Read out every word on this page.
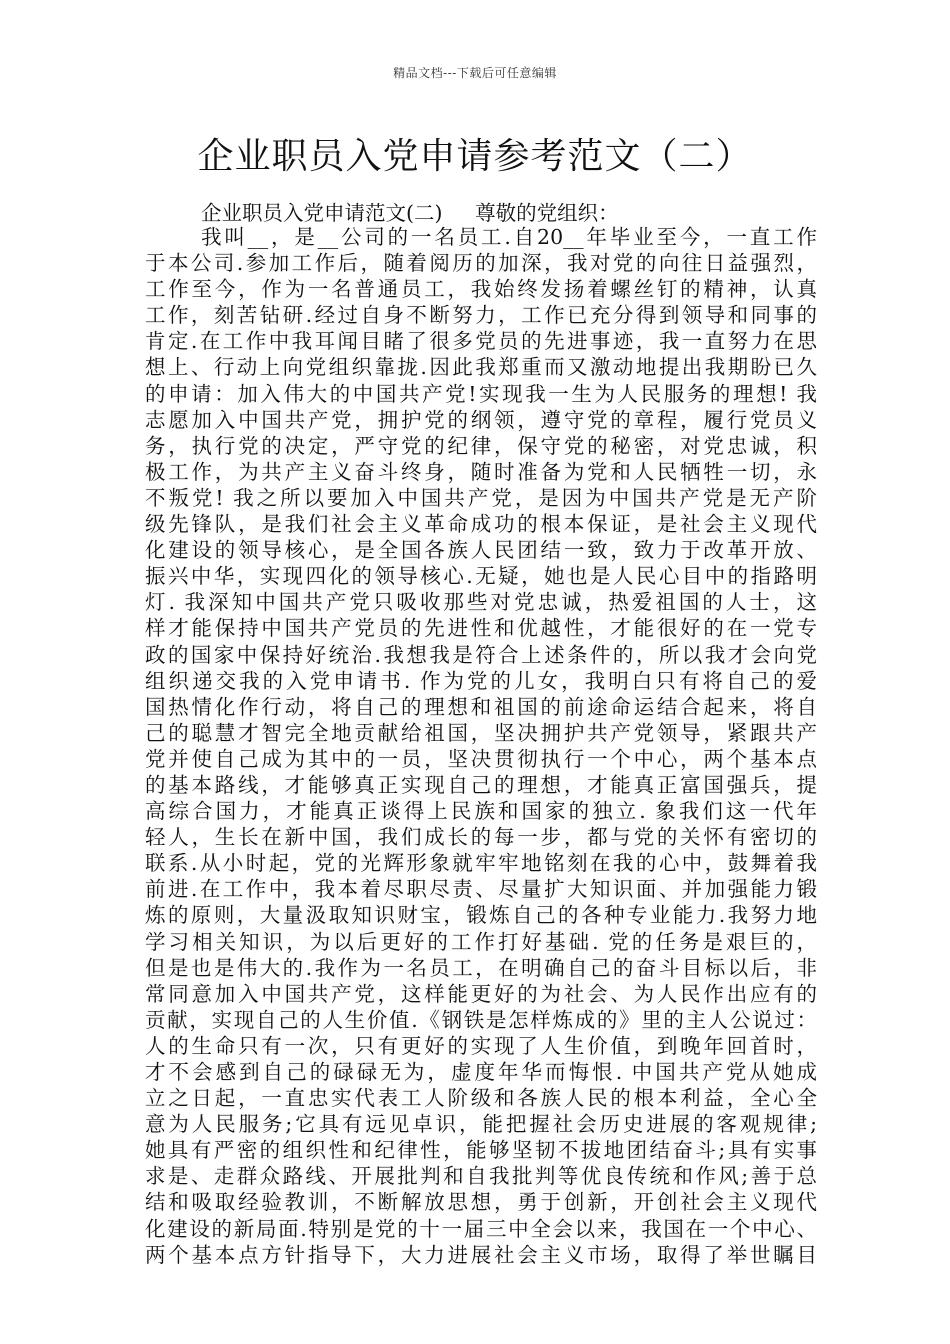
精品文档---下载后可任意编辑
企业职员入党申请参考范文（二）
企业职员入党申请范文(二)     尊敬的党组织：
我叫__，是__公司的一名员工.自20__年毕业至今，一直工作
于本公司.参加工作后，随着阅历的加深，我对党的向往日益强烈，
工作至今，作为一名普通员工，我始终发扬着螺丝钉的精神，认真
工作，刻苦钻研.经过自身不断努力，工作已充分得到领导和同事的
肯定.在工作中我耳闻目睹了很多党员的先进事迹，我一直努力在思
想上、行动上向党组织靠拢.因此我郑重而又激动地提出我期盼已久
的申请：加入伟大的中国共产党!实现我一生为人民服务的理想! 我
志愿加入中国共产党，拥护党的纲领，遵守党的章程，履行党员义
务，执行党的决定，严守党的纪律，保守党的秘密，对党忠诚，积
极工作，为共产主义奋斗终身，随时准备为党和人民牺牲一切，永
不叛党! 我之所以要加入中国共产党，是因为中国共产党是无产阶
级先锋队，是我们社会主义革命成功的根本保证，是社会主义现代
化建设的领导核心，是全国各族人民团结一致，致力于改革开放、
振兴中华，实现四化的领导核心.无疑，她也是人民心目中的指路明
灯. 我深知中国共产党只吸收那些对党忠诚，热爱祖国的人士，这
样才能保持中国共产党员的先进性和优越性，才能很好的在一党专
政的国家中保持好统治.我想我是符合上述条件的，所以我才会向党
组织递交我的入党申请书. 作为党的儿女，我明白只有将自己的爱
国热情化作行动，将自己的理想和祖国的前途命运结合起来，将自
己的聪慧才智完全地贡献给祖国，坚决拥护共产党领导，紧跟共产
党并使自己成为其中的一员，坚决贯彻执行一个中心，两个基本点
的基本路线，才能够真正实现自己的理想，才能真正富国强兵，提
高综合国力，才能真正谈得上民族和国家的独立. 象我们这一代年
轻人，生长在新中国，我们成长的每一步，都与党的关怀有密切的
联系.从小时起，党的光辉形象就牢牢地铭刻在我的心中，鼓舞着我
前进.在工作中，我本着尽职尽责、尽量扩大知识面、并加强能力锻
炼的原则，大量汲取知识财宝，锻炼自己的各种专业能力.我努力地
学习相关知识，为以后更好的工作打好基础. 党的任务是艰巨的，
但是也是伟大的.我作为一名员工，在明确自己的奋斗目标以后，非
常同意加入中国共产党，这样能更好的为社会、为人民作出应有的
贡献，实现自己的人生价值.《钢铁是怎样炼成的》里的主人公说过：
人的生命只有一次，只有更好的实现了人生价值，到晚年回首时，
才不会感到自己的碌碌无为，虚度年华而悔恨. 中国共产党从她成
立之日起，一直忠实代表工人阶级和各族人民的根本利益，全心全
意为人民服务;它具有远见卓识，能把握社会历史进展的客观规律;
她具有严密的组织性和纪律性，能够坚韧不拔地团结奋斗;具有实事
求是、走群众路线、开展批判和自我批判等优良传统和作风;善于总
结和吸取经验教训，不断解放思想，勇于创新，开创社会主义现代
化建设的新局面.特别是党的十一届三中全会以来，我国在一个中心、
两个基本点方针指导下，大力进展社会主义市场，取得了举世瞩目
